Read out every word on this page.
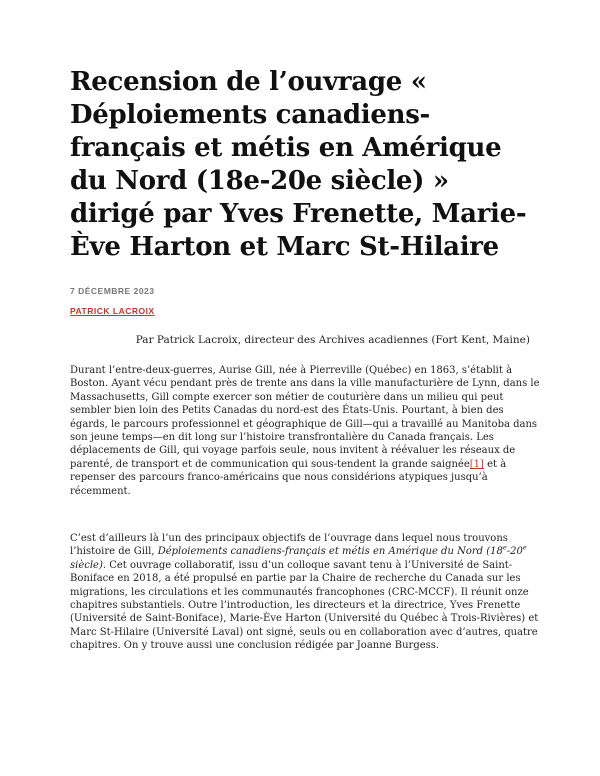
Recension de l’ouvrage « Déploiements canadiens-français et métis en Amérique du Nord (18e-20e siècle) » dirigé par Yves Frenette, Marie-Ève Harton et Marc St-Hilaire
7 DÉCEMBRE 2023
PATRICK LACROIX
Par Patrick Lacroix, directeur des Archives acadiennes (Fort Kent, Maine)

Durant l’entre-deux-guerres, Aurise Gill, née à Pierreville (Québec) en 1863, s’établit à Boston. Ayant vécu pendant près de trente ans dans la ville manufacturière de Lynn, dans le Massachusetts, Gill compte exercer son métier de couturière dans un milieu qui peut sembler bien loin des Petits Canadas du nord-est des États-Unis. Pourtant, à bien des égards, le parcours professionnel et géographique de Gill—qui a travaillé au Manitoba dans son jeune temps—en dit long sur l’histoire transfrontalière du Canada français. Les déplacements de Gill, qui voyage parfois seule, nous invitent à réévaluer les réseaux de parenté, de transport et de communication qui sous-tendent la grande saignée[1] et à repenser des parcours franco-américains que nous considérions atypiques jusqu’à récemment.

C’est d’ailleurs là l’un des principaux objectifs de l’ouvrage dans lequel nous trouvons l’histoire de Gill, Déploiements canadiens-français et métis en Amérique du Nord (18e-20e siècle). Cet ouvrage collaboratif, issu d’un colloque savant tenu à l’Université de Saint-Boniface en 2018, a été propulsé en partie par la Chaire de recherche du Canada sur les migrations, les circulations et les communautés francophones (CRC-MCCF). Il réunit onze chapitres substantiels. Outre l’introduction, les directeurs et la directrice, Yves Frenette (Université de Saint-Boniface), Marie-Ève Harton (Université du Québec à Trois-Rivières) et Marc St-Hilaire (Université Laval) ont signé, seuls ou en collaboration avec d’autres, quatre chapitres. On y trouve aussi une conclusion rédigée par Joanne Burgess.
